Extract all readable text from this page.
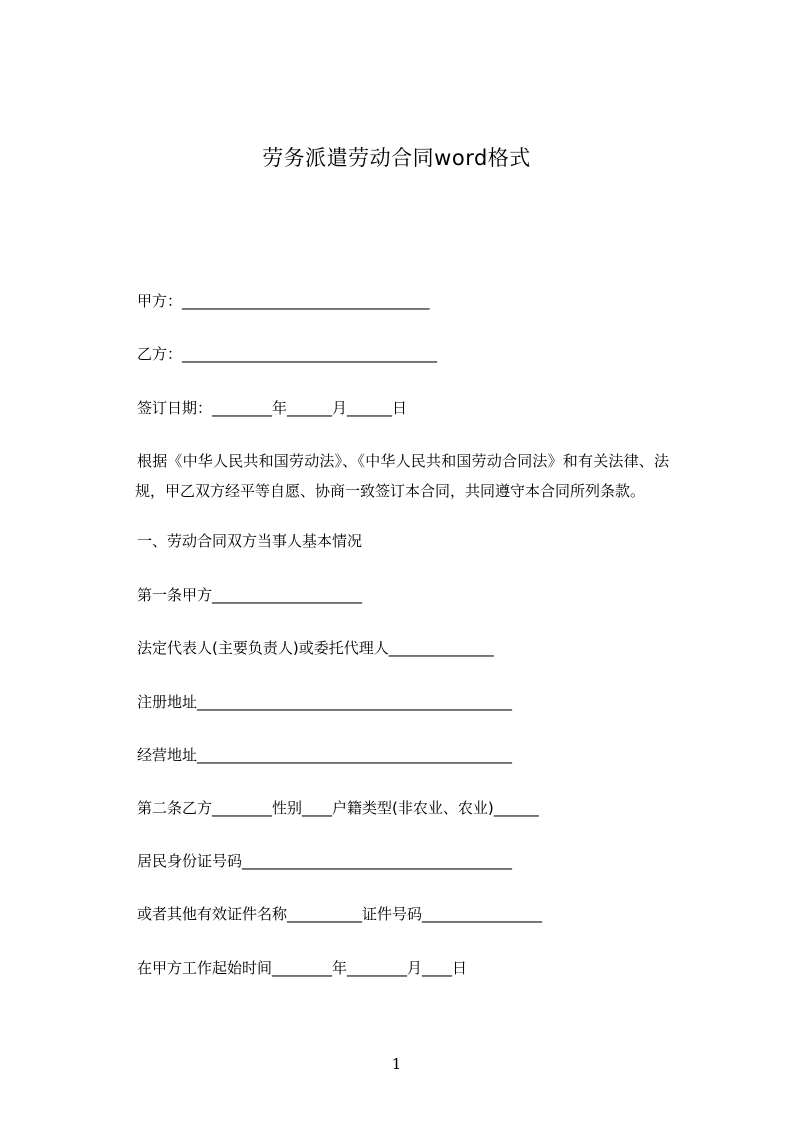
劳务派遣劳动合同word格式
甲方：_________________________________
乙方：__________________________________
签订日期：________年______月______日
根据《中华人民共和国劳动法》、《中华人民共和国劳动合同法》和有关法律、法
规，甲乙双方经平等自愿、协商一致签订本合同，共同遵守本合同所列条款。
一、劳动合同双方当事人基本情况
第一条甲方____________________
法定代表人(主要负责人)或委托代理人______________
注册地址__________________________________________
经营地址__________________________________________
第二条乙方________性别____户籍类型(非农业、农业)______
居民身份证号码____________________________________
或者其他有效证件名称__________证件号码________________
在甲方工作起始时间________年________月____日
1
